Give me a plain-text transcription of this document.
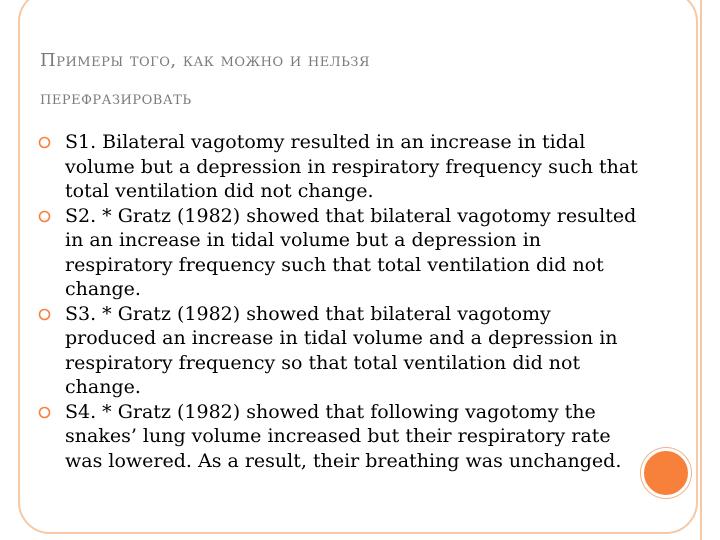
Примеры того, как можно и нельзя
перефразировать
S1. Bilateral vagotomy resulted in an increase in tidal volume but a depression in respiratory frequency such that total ventilation did not change.
S2. * Gratz (1982) showed that bilateral vagotomy resulted in an increase in tidal volume but a depression in respiratory frequency such that total ventilation did not change.
S3. * Gratz (1982) showed that bilateral vagotomy produced an increase in tidal volume and a depression in respiratory frequency so that total ventilation did not change.
S4. * Gratz (1982) showed that following vagotomy the snakes’ lung volume increased but their respiratory rate was lowered. As a result, their breathing was unchanged.
